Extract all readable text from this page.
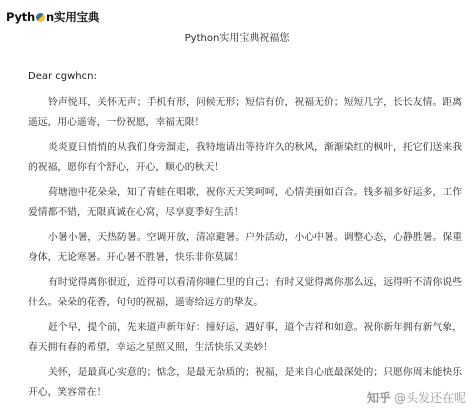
Pyth n实用宝典
Python实用宝典祝福您
Dear cgwhcn:

铃声悦耳，关怀无声；手机有形，问候无形；短信有价，祝福无价；短短几字，长长友情。距离遥远，用心遥寄，一份祝愿，幸福无限！

炎炎夏日悄悄的从我们身旁溜走，我特地请出等待许久的秋风，渐渐染红的枫叶，托它们送来我的祝福，愿你有个舒心，开心，顺心的秋天！

荷塘池中花朵朵，知了青蛙在唱歌，祝你天天笑呵呵，心情美丽如百合。钱多福多好运多，工作爱情都不错，无限真诚在心窝，尽享夏季好生活！

小暑小暑，天热防暑。空调开放，清凉避暑。户外活动，小心中暑。调整心态，心静胜暑。保重身体，无论寒暑。开心暑不胜暑，快乐非你莫属！

有时觉得离你很近，近得可以看清你瞳仁里的自己；有时又觉得离你那么远，远得听不清你说些什么。朵朵的花香，句句的祝福，遥寄给远方的挚友。

赶个早，提个前，先来道声新年好：撞好运，遇好事，道个吉祥和如意。祝你新年拥有新气象，春天拥有春的希望，幸运之星照又照，生活快乐又美妙！

关怀，是最真心实意的；惦念，是最无杂质的；祝福，是来自心底最深处的；只愿你周末能快乐开心，笑容常在！	知乎 @头发还在呢
